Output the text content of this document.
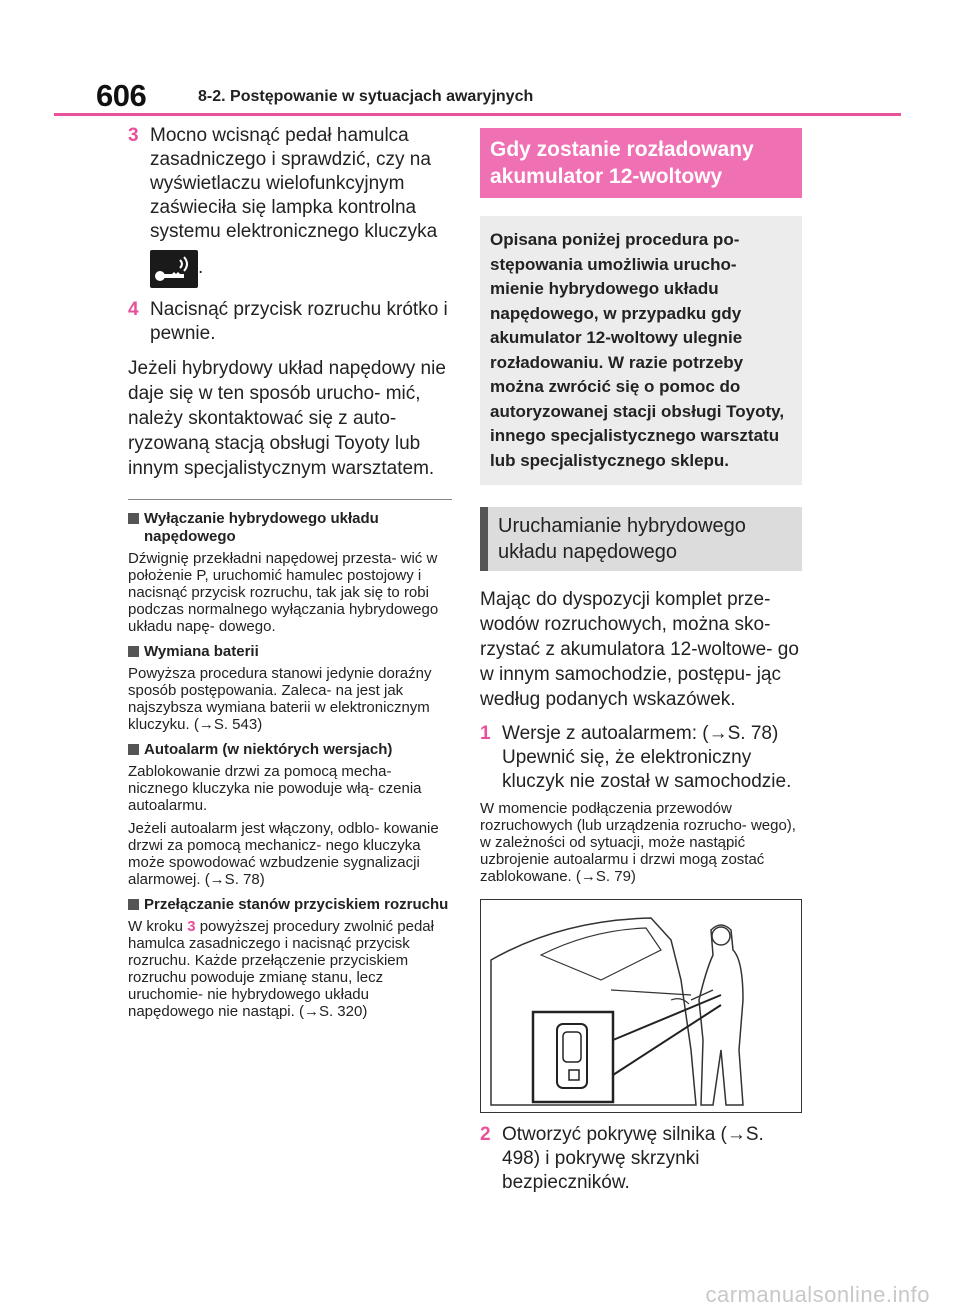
606	8-2. Postępowanie w sytuacjach awaryjnych
3 Mocno wcisnąć pedał hamulca zasadniczego i sprawdzić, czy na wyświetlaczu wielofunkcyjnym zaświeciła się lampka kontrolna systemu elektronicznego kluczyka
.
4 Nacisnąć przycisk rozruchu krótko i pewnie.

Jeżeli hybrydowy układ napędowy nie daje się w ten sposób urucho- mić, należy skontaktować się z auto- ryzowaną stacją obsługi Toyoty lub innym specjalistycznym warsztatem.

Wyłączanie hybrydowego układu napędowego

Dźwignię przekładni napędowej przesta- wić w położenie P, uruchomić hamulec postojowy i nacisnąć przycisk rozruchu, tak jak się to robi podczas normalnego wyłączania hybrydowego układu napę- dowego.

Wymiana baterii

Powyższa procedura stanowi jedynie doraźny sposób postępowania. Zaleca- na jest jak najszybsza wymiana baterii w elektronicznym kluczyku. (→S. 543)

Autoalarm (w niektórych wersjach)

Zablokowanie drzwi za pomocą mecha- nicznego kluczyka nie powoduje włą- czenia autoalarmu.

Jeżeli autoalarm jest włączony, odblo- kowanie drzwi za pomocą mechanicz- nego kluczyka może spowodować wzbudzenie sygnalizacji alarmowej. (→S. 78)

Przełączanie stanów przyciskiem rozruchu

W kroku 3 powyższej procedury zwolnić pedał hamulca zasadniczego i nacisnąć przycisk rozruchu. Każde przełączenie przyciskiem rozruchu powoduje zmianę stanu, lecz uruchomie- nie hybrydowego układu napędowego nie nastąpi. (→S. 320)

Gdy zostanie rozładowany akumulator 12-woltowy
Opisana poniżej procedura po- stępowania umożliwia urucho- mienie hybrydowego układu napędowego, w przypadku gdy akumulator 12-woltowy ulegnie rozładowaniu. W razie potrzeby można zwrócić się o pomoc do autoryzowanej stacji obsługi Toyoty, innego specjalistycznego warsztatu lub specjalistycznego sklepu.
Uruchamianie hybrydowego układu napędowego

Mając do dyspozycji komplet prze- wodów rozruchowych, można sko- rzystać z akumulatora 12-woltowe- go w innym samochodzie, postępu- jąc według podanych wskazówek.

1 Wersje z autoalarmem: (→S. 78) Upewnić się, że elektroniczny kluczyk nie został w samochodzie.

W momencie podłączenia przewodów rozruchowych (lub urządzenia rozrucho- wego), w zależności od sytuacji, może nastąpić uzbrojenie autoalarmu i drzwi mogą zostać zablokowane. (→S. 79)

2 Otworzyć pokrywę silnika (→S. 498) i pokrywę skrzynki bezpieczników.
carmanualsonline.info
